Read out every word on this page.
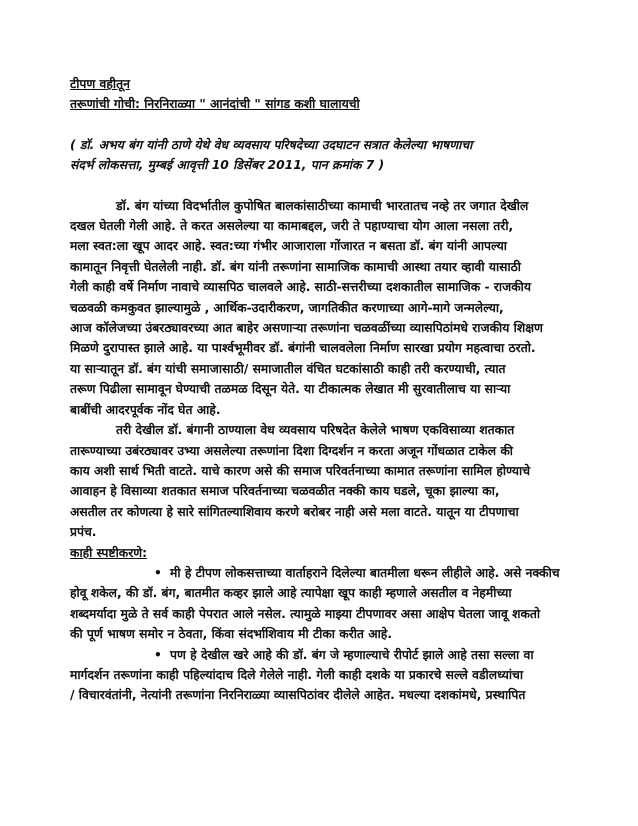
टीपण वहीतून
तरूणांची गोची: निरनिराळ्या " आनंदांची " सांगड कशी घालायची
( डॉ. अभय बंग यांनी ठाणे येथे वेध व्यवसाय परिषदेच्या उदघाटन सत्रात केलेल्या भाषणाचा
संदर्भ लोकसत्ता, मुम्बई आवृत्ती 10 डिसेंबर 2011, पान क्रमांक 7 )
डॉ. बंग यांच्या विदर्भातील कुपोषित बालकांसाठीच्या कामाची भारतातच नव्हे तर जगात देखील
दखल घेतली गेली आहे. ते करत असलेल्या या कामाबद्दल, जरी ते पहाण्याचा योग आला नसला तरी,
मला स्वत:ला खूप आदर आहे. स्वत:च्या गंभीर आजाराला गोंजारत न बसता डॉ. बंग यांनी आपल्या
कामातून निवृत्ती घेतलेली नाही. डॉ. बंग यांनी तरूणांना सामाजिक कामाची आस्था तयार व्हावी यासाठी
गेली काही वर्षे निर्माण नावाचे व्यासपिठ चालवले आहे. साठी-सत्तरीच्या दशकातील सामाजिक - राजकीय
चळवळी कमकुवत झाल्यामुळे , आर्थिक-उदारीकरण, जागतिकीत करणाच्या आगे-मागे जन्मलेल्या,
आज कॉलेजच्या उंबरठ्यावरच्या आत बाहेर असणाऱ्या तरूणांना चळवळींच्या व्यासपिठांमधे राजकीय शिक्षण
मिळणे दुरापास्त झाले आहे. या पार्श्वभूमीवर डॉ. बंगांनी चालवलेला निर्माण सारखा प्रयोग महत्वाचा ठरतो.
या साऱ्यातून डॉ. बंग यांची समाजासाठी/ समाजातील वंचित घटकांसाठी काही तरी करण्याची, त्यात
तरूण पिढीला सामावून घेण्याची तळमळ दिसून येते. या टीकात्मक लेखात मी सुरवातीलाच या साऱ्या
बाबींची आदरपूर्वक नोंद घेत आहे.
तरी देखील डॉ. बंगानी ठाण्याला वेध व्यवसाय परिषदेत केलेले भाषण एकविसाव्या शतकात
तारूण्याच्या उबंरठ्यावर उभ्या असलेल्या तरूणांना दिशा दिग्दर्शन न करता अजून गोंधळात टाकेल की
काय अशी सार्थ भिती वाटते. याचे कारण असे की समाज परिवर्तनाच्या कामात तरूणांना सामिल होण्याचे
आवाहन हे विसाव्या शतकात समाज परिवर्तनाच्या चळवळीत नक्की काय घडले, चूका झाल्या का,
असतील तर कोणत्या हे सारे सांगितल्याशिवाय करणे बरोबर नाही असे मला वाटते. यातून या टीपणाचा
प्रपंच.
काही स्पष्टीकरणे:
• मी हे टीपण लोकसत्ताच्या वार्ताहराने दिलेल्या बातमीला धरून लीहीले आहे. असे नक्कीच
होवू शकेल, की डॉ. बंग, बातमीत कव्हर झाले आहे त्यापेक्षा खूप काही म्हणाले असतील व नेहमीच्या
शब्दमर्यादा मुळे ते सर्व काही पेपरात आले नसेल. त्यामुळे माझ्या टीपणावर असा आक्षेप घेतला जावू शकतो
की पूर्ण भाषण समोर न ठेवता, किंवा संदर्भाशिवाय मी टीका करीत आहे.
• पण हे देखील खरे आहे की डॉ. बंग जे म्हणाल्याचे रीपोर्ट झाले आहे तसा सल्ला वा
मार्गदर्शन तरूणांना काही पहिल्यांदाच दिले गेलेले नाही. गेली काही दशके या प्रकारचे सल्ले वडीलध्यांचा
/ विचारवंतांनी, नेत्यांनी तरूणांना निरनिराळ्या व्यासपिठांवर दीलेले आहेत. मधल्या दशकांमधे, प्रस्थापित
